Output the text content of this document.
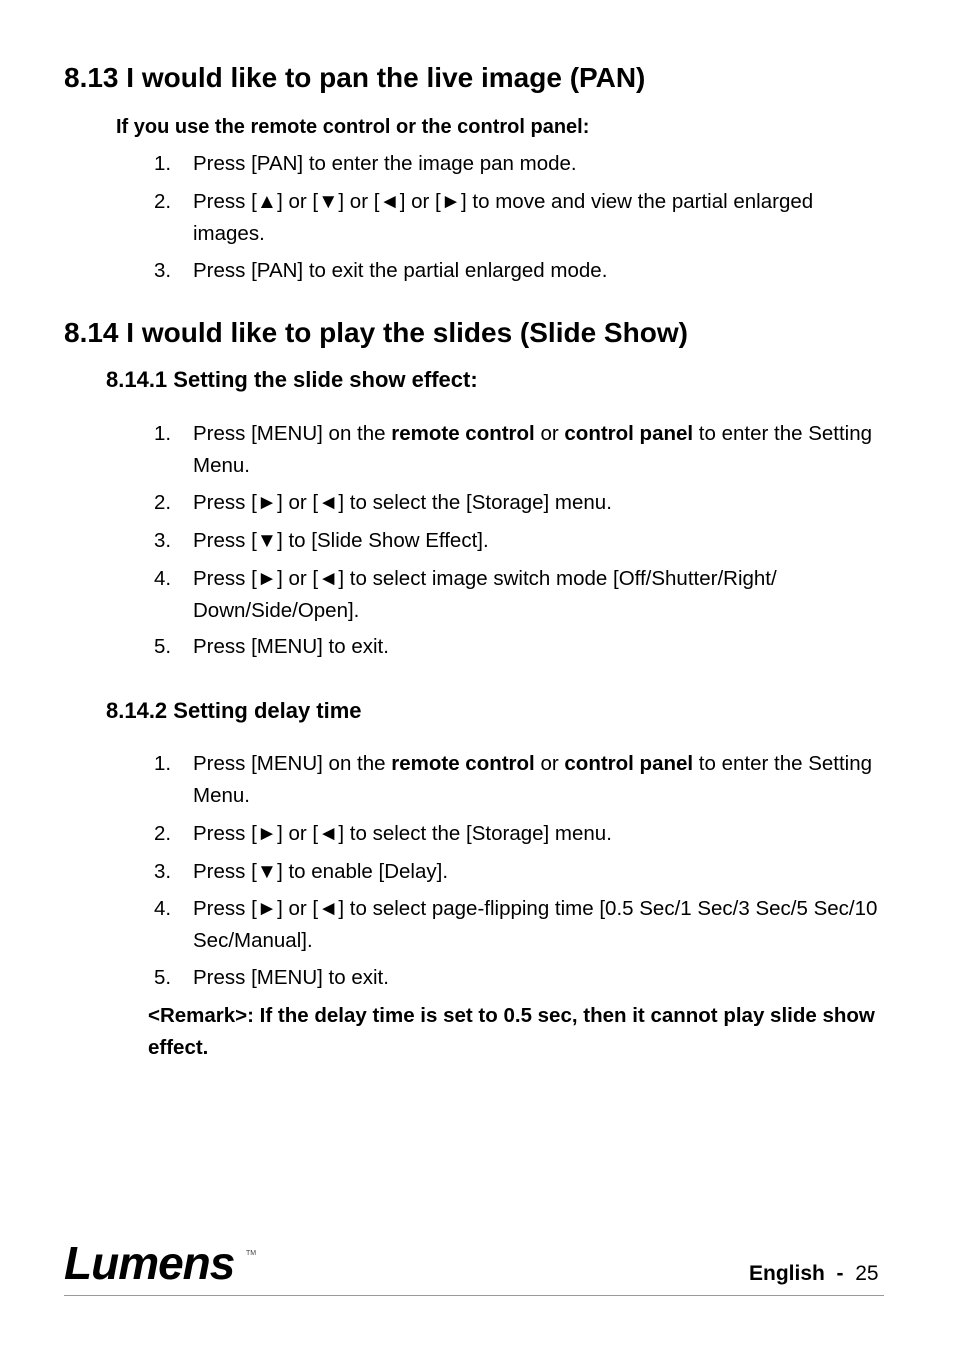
8.13 I would like to pan the live image (PAN)
If you use the remote control or the control panel:
1.	Press [PAN] to enter the image pan mode.
2.	Press [▲] or [▼] or [◄] or [►] to move and view the partial enlarged images.
3.	Press [PAN] to exit the partial enlarged mode.
8.14 I would like to play the slides (Slide Show)
8.14.1 Setting the slide show effect:
1.	Press [MENU] on the remote control or control panel to enter the Setting Menu.
2.	Press [►] or [◄] to select the [Storage] menu.
3.	Press [▼] to [Slide Show Effect].
4.	Press [►] or [◄] to select image switch mode [Off/Shutter/Right/ Down/Side/Open].
5.	Press [MENU] to exit.
8.14.2 Setting delay time
1.	Press [MENU] on the remote control or control panel to enter the Setting Menu.
2.	Press [►] or [◄] to select the [Storage] menu.
3.	Press [▼] to enable [Delay].
4.	Press [►] or [◄] to select page-flipping time [0.5 Sec/1 Sec/3 Sec/5 Sec/10 Sec/Manual].
5.	Press [MENU] to exit.
<Remark>: If the delay time is set to 0.5 sec, then it cannot play slide show effect.
Lumens TM
English - 25
